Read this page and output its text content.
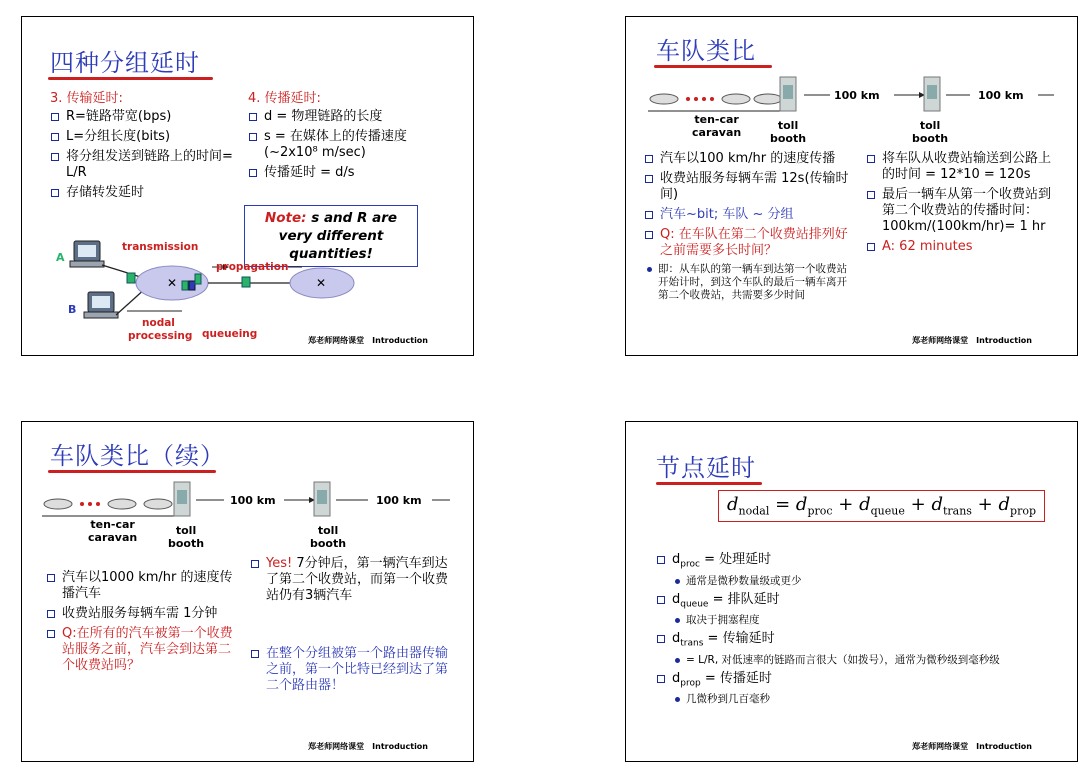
四种分组延时
3. 传输延时:
R=链路带宽(bps)
L=分组长度(bits)
将分组发送到链路上的时间= L/R
存储转发延时
4. 传播延时:
d = 物理链路的长度
s = 在媒体上的传播速度 (~2x10⁸ m/sec)
传播延时 = d/s
Note: s and R are very different quantities!
✕	✕
A
B
transmission
propagation
nodal
processing queueing
郑老师网络课堂 Introduction
车队类比
100 km	100 km
ten-car
caravan
toll
booth
toll
booth
汽车以100 km/hr 的速度传播
收费站服务每辆车需 12s(传输时间)
汽车~bit; 车队 ~ 分组
Q: 在车队在第二个收费站排列好之前需要多长时间？
即：从车队的第一辆车到达第一个收费站开始计时，到这个车队的最后一辆车离开第二个收费站，共需要多少时间
将车队从收费站输送到公路上的时间 = 12*10 = 120s
最后一辆车从第一个收费站到第二个收费站的传播时间： 100km/(100km/hr)= 1 hr
A: 62 minutes
郑老师网络课堂 Introduction
车队类比（续）
100 km	100 km
ten-car
caravan
toll
booth
toll
booth
汽车以1000 km/hr 的速度传播汽车
收费站服务每辆车需 1分钟
Q:在所有的汽车被第一个收费站服务之前，汽车会到达第二个收费站吗？
Yes! 7分钟后，第一辆汽车到达了第二个收费站，而第一个收费站仍有3辆汽车
在整个分组被第一个路由器传输之前，第一个比特已经到达了第二个路由器！
郑老师网络课堂 Introduction
节点延时
$d_{nodal} = d_{proc} + d_{queue} + d_{trans} + d_{prop}$
$d_{proc}$ = 处理延时
通常是微秒数量级或更少
$d_{queue}$ = 排队延时
取决于拥塞程度
$d_{trans}$ = 传输延时
= L/R, 对低速率的链路而言很大（如拨号），通常为微秒级到毫秒级
$d_{prop}$ = 传播延时
几微秒到几百毫秒
郑老师网络课堂 Introduction
